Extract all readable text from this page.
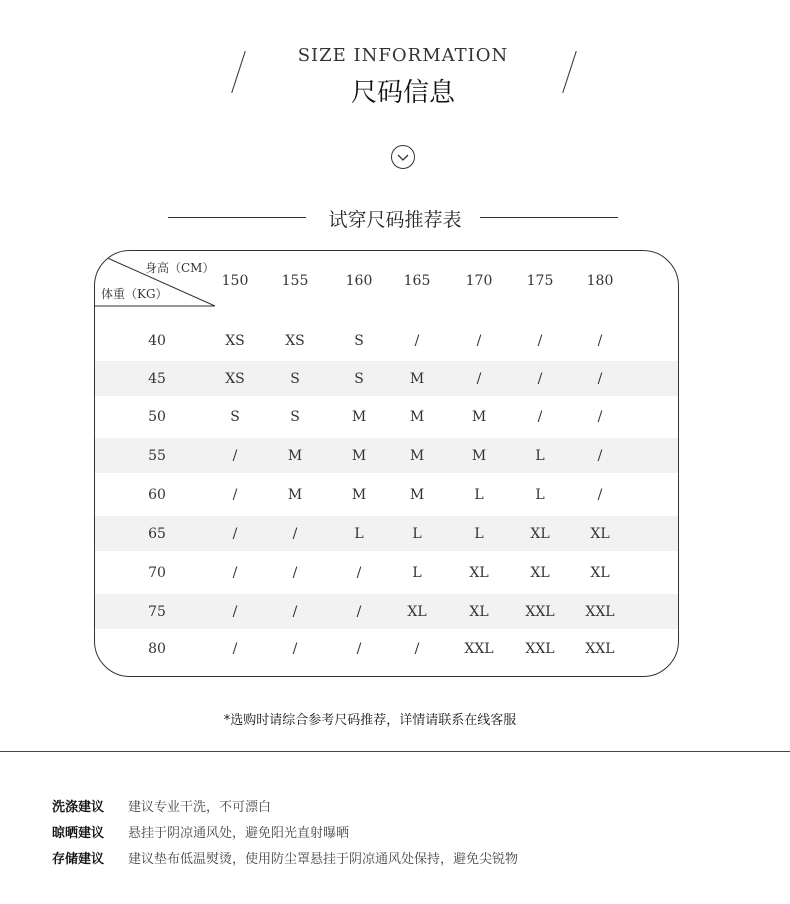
SIZE INFORMATION
尺码信息
试穿尺码推荐表
身高（CM）
体重（KG）
150	155	160	165	170	175	180
40	XS	XS	S	/	/	/	/
45	XS	S	S	M	/	/	/
50	S	S	M	M	M	/	/
55	/	M	M	M	M	L	/
60	/	M	M	M	L	L	/
65	/	/	L	L	L	XL	XL
70	/	/	/	L	XL	XL	XL
75	/	/	/	XL	XL	XXL	XXL
80	/	/	/	/	XXL	XXL	XXL
*选购时请综合参考尺码推荐，详情请联系在线客服
洗涤建议 建议专业干洗，不可漂白
晾晒建议 悬挂于阴凉通风处，避免阳光直射曝晒
存储建议 建议垫布低温熨烫，使用防尘罩悬挂于阴凉通风处保持，避免尖锐物
